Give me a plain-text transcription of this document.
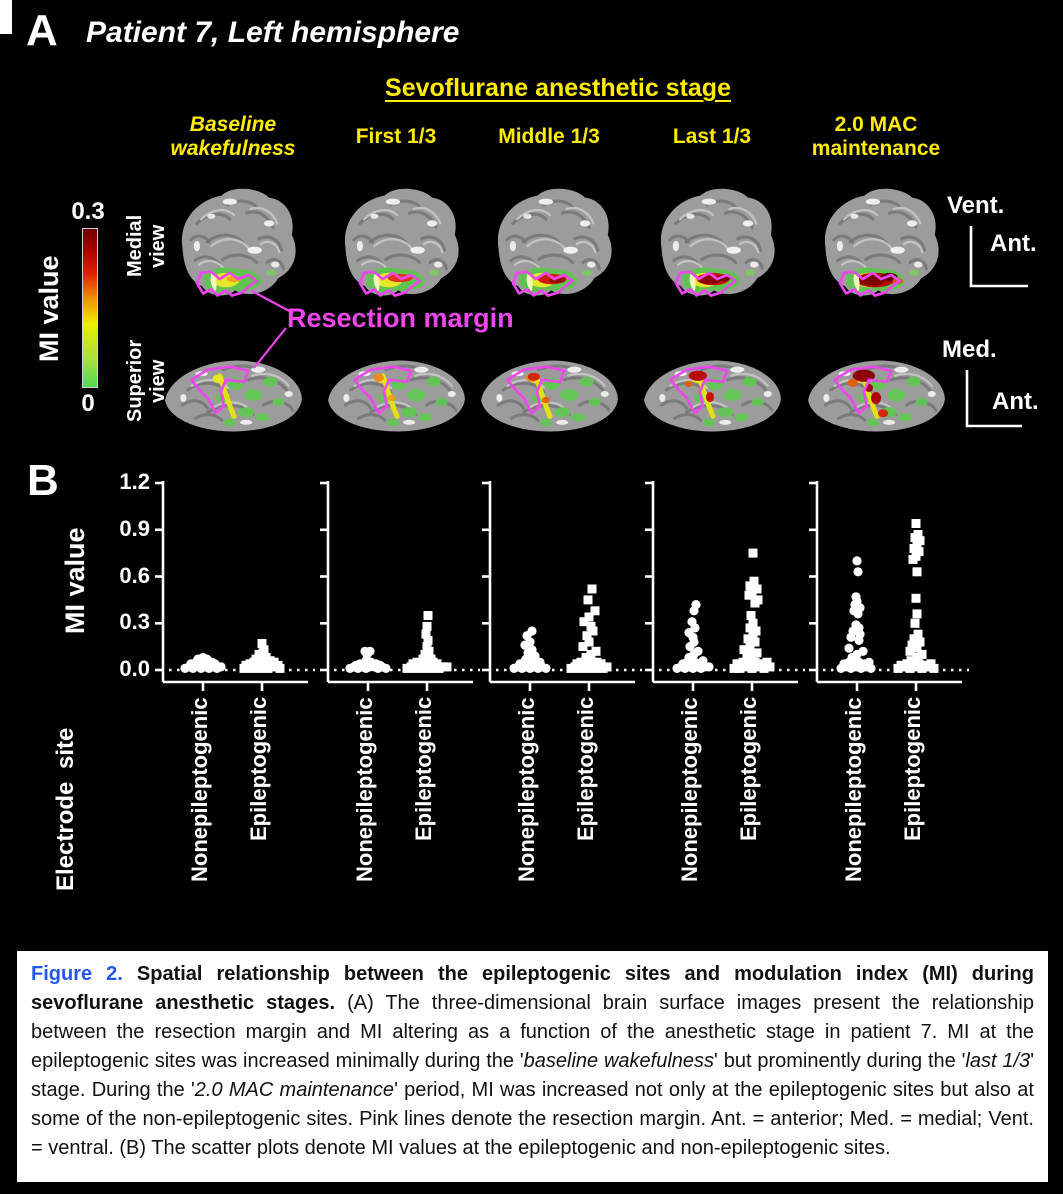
A Patient 7, Left hemisphere
Sevoflurane anesthetic stage
Baseline
wakefulness
First 1/3	Middle 1/3	Last 1/3
2.0 MAC
maintenance
0.3
0
MI value
Medial view
Superior view
Resection margin
Vent.
Ant.
Med.
Ant.
B
MI value
0.0
0.3
0.6
0.9
1.2
Nonepileptogenic	Epileptogenic	Nonepileptogenic	Epileptogenic	Nonepileptogenic	Epileptogenic	Nonepileptogenic	Epileptogenic	Nonepileptogenic	Epileptogenic
Electrode site
Figure 2. Spatial relationship between the epileptogenic sites and modulation index (MI) during sevoflurane anesthetic stages. (A) The three-dimensional brain surface images present the relationship between the resection margin and MI altering as a function of the anesthetic stage in patient 7. MI at the epileptogenic sites was increased minimally during the 'baseline wakefulness' but prominently during the 'last 1/3' stage. During the '2.0 MAC maintenance' period, MI was increased not only at the epileptogenic sites but also at some of the non-epileptogenic sites. Pink lines denote the resection margin. Ant. = anterior; Med. = medial; Vent. = ventral. (B) The scatter plots denote MI values at the epileptogenic and non-epileptogenic sites.
